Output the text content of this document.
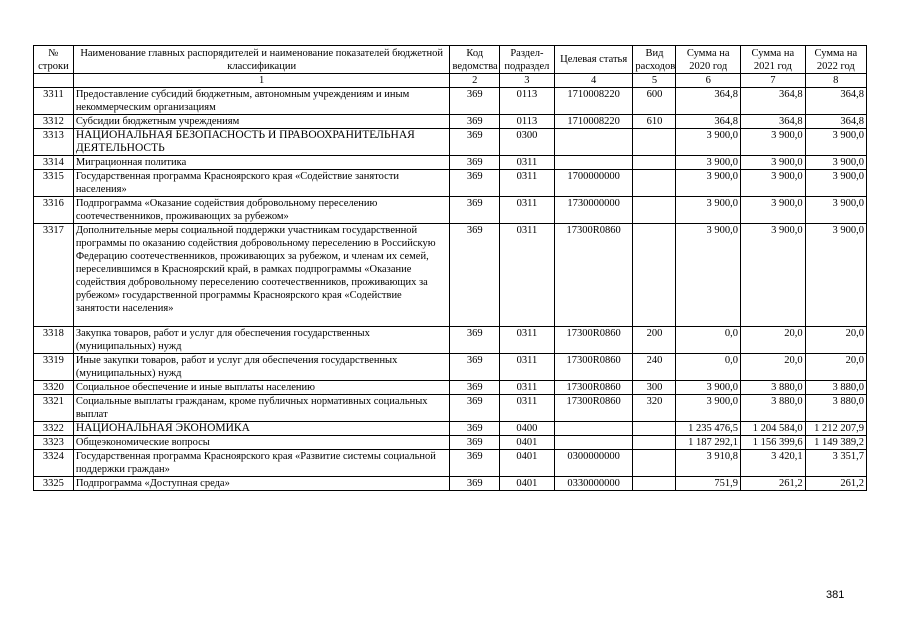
№ строки	Наименование главных распорядителей и наименование показателей бюджетной классификации	Код ведомства	Раздел- подраздел	Целевая статья	Вид расходов	Сумма на 2020 год	Сумма на 2021 год	Сумма на 2022 год
	1	2	3	4	5	6	7	8
3311	Предоставление субсидий бюджетным, автономным учреждениям и иным некоммерческим организациям	369	0113	1710008220	600	364,8	364,8	364,8
3312	Субсидии бюджетным учреждениям	369	0113	1710008220	610	364,8	364,8	364,8
3313	НАЦИОНАЛЬНАЯ БЕЗОПАСНОСТЬ И ПРАВООХРАНИТЕЛЬНАЯ ДЕЯТЕЛЬНОСТЬ	369	0300			3 900,0	3 900,0	3 900,0
3314	Миграционная политика	369	0311			3 900,0	3 900,0	3 900,0
3315	Государственная программа Красноярского края «Содействие занятости населения»	369	0311	1700000000		3 900,0	3 900,0	3 900,0
3316	Подпрограмма «Оказание содействия добровольному переселению соотечественников, проживающих за рубежом»	369	0311	1730000000		3 900,0	3 900,0	3 900,0
3317	Дополнительные меры социальной поддержки участникам государственной программы по оказанию содействия добровольному переселению в Российскую Федерацию соотечественников, проживающих за рубежом, и членам их семей, переселившимся в Красноярский край, в рамках подпрограммы «Оказание содействия добровольному переселению соотечественников, проживающих за рубежом» государственной программы Красноярского края «Содействие занятости населения»	369	0311	17300R0860		3 900,0	3 900,0	3 900,0
3318	Закупка товаров, работ и услуг для обеспечения государственных (муниципальных) нужд	369	0311	17300R0860	200	0,0	20,0	20,0
3319	Иные закупки товаров, работ и услуг для обеспечения государственных (муниципальных) нужд	369	0311	17300R0860	240	0,0	20,0	20,0
3320	Социальное обеспечение и иные выплаты населению	369	0311	17300R0860	300	3 900,0	3 880,0	3 880,0
3321	Социальные выплаты гражданам, кроме публичных нормативных социальных выплат	369	0311	17300R0860	320	3 900,0	3 880,0	3 880,0
3322	НАЦИОНАЛЬНАЯ ЭКОНОМИКА	369	0400			1 235 476,5	1 204 584,0	1 212 207,9
3323	Общеэкономические вопросы	369	0401			1 187 292,1	1 156 399,6	1 149 389,2
3324	Государственная программа Красноярского края «Развитие системы социальной поддержки граждан»	369	0401	0300000000		3 910,8	3 420,1	3 351,7
3325	Подпрограмма «Доступная среда»	369	0401	0330000000		751,9	261,2	261,2
381
